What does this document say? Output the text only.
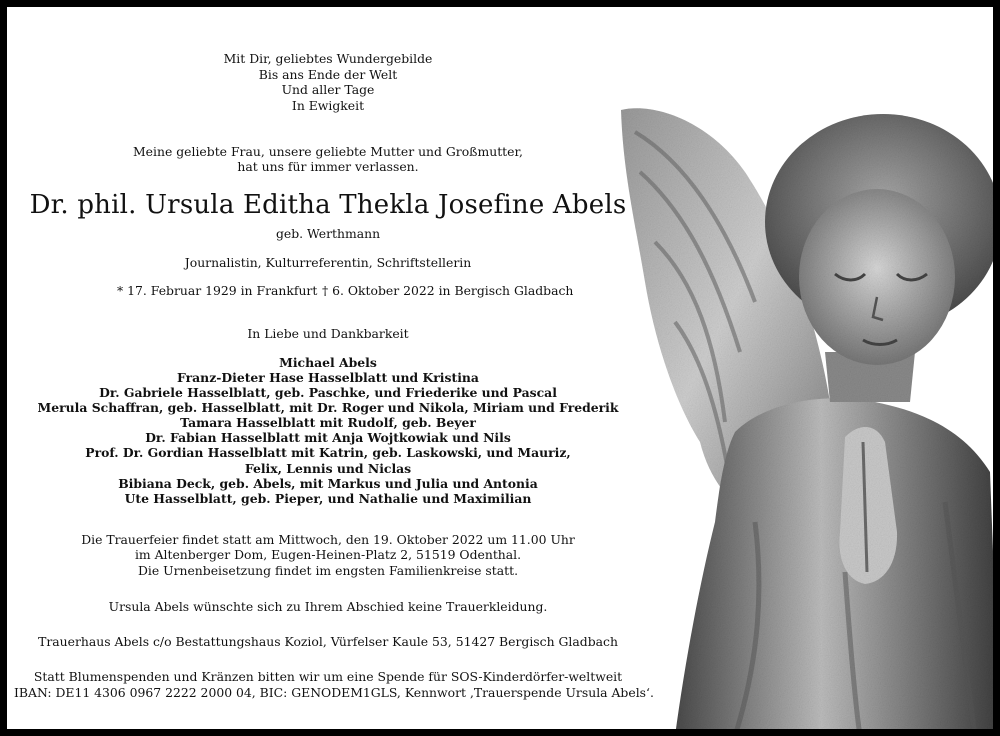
Mit Dir, geliebtes Wundergebilde
Bis ans Ende der Welt
Und aller Tage
In Ewigkeit
Meine geliebte Frau, unsere geliebte Mutter und Großmutter,
hat uns für immer verlassen.
Dr. phil. Ursula Editha Thekla Josefine Abels
geb. Werthmann
Journalistin, Kulturreferentin, Schriftstellerin
* 17. Februar 1929 in Frankfurt † 6. Oktober 2022 in Bergisch Gladbach
In Liebe und Dankbarkeit
Michael Abels
Franz-Dieter Hase Hasselblatt und Kristina
Dr. Gabriele Hasselblatt, geb. Paschke, und Friederike und Pascal
Merula Schaffran, geb. Hasselblatt, mit Dr. Roger und Nikola, Miriam und Frederik
Tamara Hasselblatt mit Rudolf, geb. Beyer
Dr. Fabian Hasselblatt mit Anja Wojtkowiak und Nils
Prof. Dr. Gordian Hasselblatt mit Katrin, geb. Laskowski, und Mauriz,
Felix, Lennis und Niclas
Bibiana Deck, geb. Abels, mit Markus und Julia und Antonia
Ute Hasselblatt, geb. Pieper, und Nathalie und Maximilian
Die Trauerfeier findet statt am Mittwoch, den 19. Oktober 2022 um 11.00 Uhr
im Altenberger Dom, Eugen-Heinen-Platz 2, 51519 Odenthal.
Die Urnenbeisetzung findet im engsten Familienkreise statt.
Ursula Abels wünschte sich zu Ihrem Abschied keine Trauerkleidung.
Trauerhaus Abels c/o Bestattungshaus Koziol, Vürfelser Kaule 53, 51427 Bergisch Gladbach
Statt Blumenspenden und Kränzen bitten wir um eine Spende für SOS-Kinderdörfer-weltweit
IBAN: DE11 4306 0967 2222 2000 04, BIC: GENODEM1GLS, Kennwort ‚Trauerspende Ursula Abels‘.
